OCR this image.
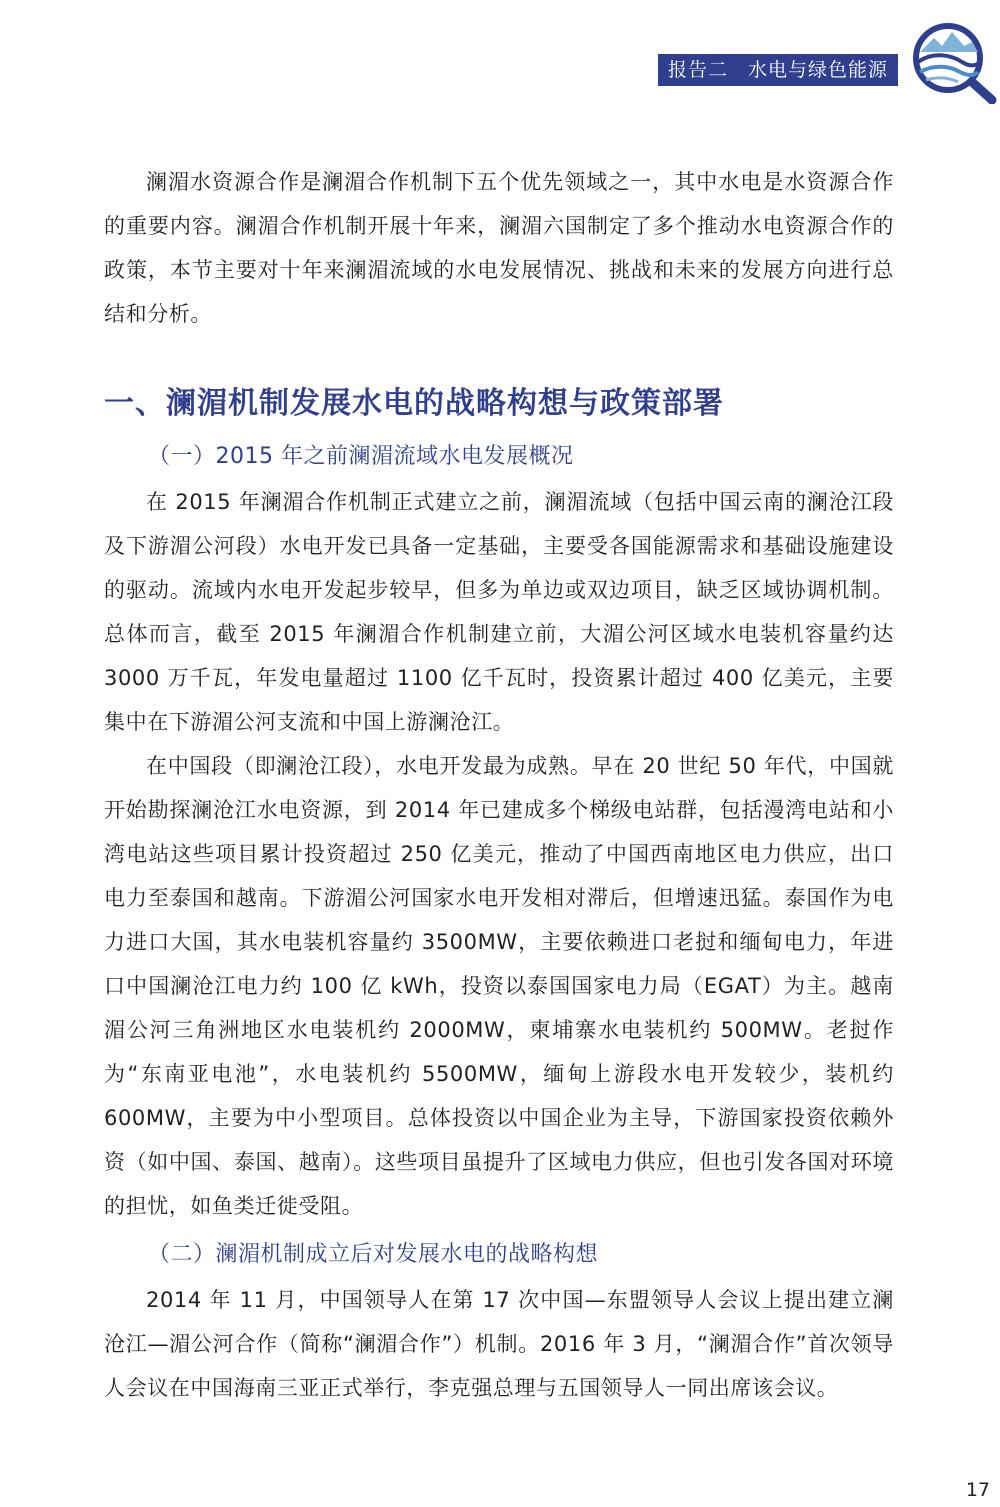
报告二　水电与绿色能源

澜湄水资源合作是澜湄合作机制下五个优先领域之一，其中水电是水资源合作的重要内容。澜湄合作机制开展十年来，澜湄六国制定了多个推动水电资源合作的政策，本节主要对十年来澜湄流域的水电发展情况、挑战和未来的发展方向进行总结和分析。

一、澜湄机制发展水电的战略构想与政策部署
（一）2015 年之前澜湄流域水电发展概况

在 2015 年澜湄合作机制正式建立之前，澜湄流域（包括中国云南的澜沧江段及下游湄公河段）水电开发已具备一定基础，主要受各国能源需求和基础设施建设的驱动。流域内水电开发起步较早，但多为单边或双边项目，缺乏区域协调机制。总体而言，截至 2015 年澜湄合作机制建立前，大湄公河区域水电装机容量约达 3000 万千瓦，年发电量超过 1100 亿千瓦时，投资累计超过 400 亿美元，主要集中在下游湄公河支流和中国上游澜沧江。

在中国段（即澜沧江段），水电开发最为成熟。早在 20 世纪 50 年代，中国就开始勘探澜沧江水电资源，到 2014 年已建成多个梯级电站群，包括漫湾电站和小湾电站这些项目累计投资超过 250 亿美元，推动了中国西南地区电力供应，出口电力至泰国和越南。下游湄公河国家水电开发相对滞后，但增速迅猛。泰国作为电力进口大国，其水电装机容量约 3500MW，主要依赖进口老挝和缅甸电力，年进口中国澜沧江电力约 100 亿 kWh，投资以泰国国家电力局（EGAT）为主。越南湄公河三角洲地区水电装机约 2000MW，柬埔寨水电装机约 500MW。老挝作为“东南亚电池”，水电装机约 5500MW，缅甸上游段水电开发较少，装机约 600MW，主要为中小型项目。总体投资以中国企业为主导，下游国家投资依赖外资（如中国、泰国、越南）。这些项目虽提升了区域电力供应，但也引发各国对环境的担忧，如鱼类迁徙受阻。

（二）澜湄机制成立后对发展水电的战略构想

2014 年 11 月，中国领导人在第 17 次中国—东盟领导人会议上提出建立澜沧江—湄公河合作（简称“澜湄合作”）机制。2016 年 3 月，“澜湄合作”首次领导人会议在中国海南三亚正式举行，李克强总理与五国领导人一同出席该会议。

17
